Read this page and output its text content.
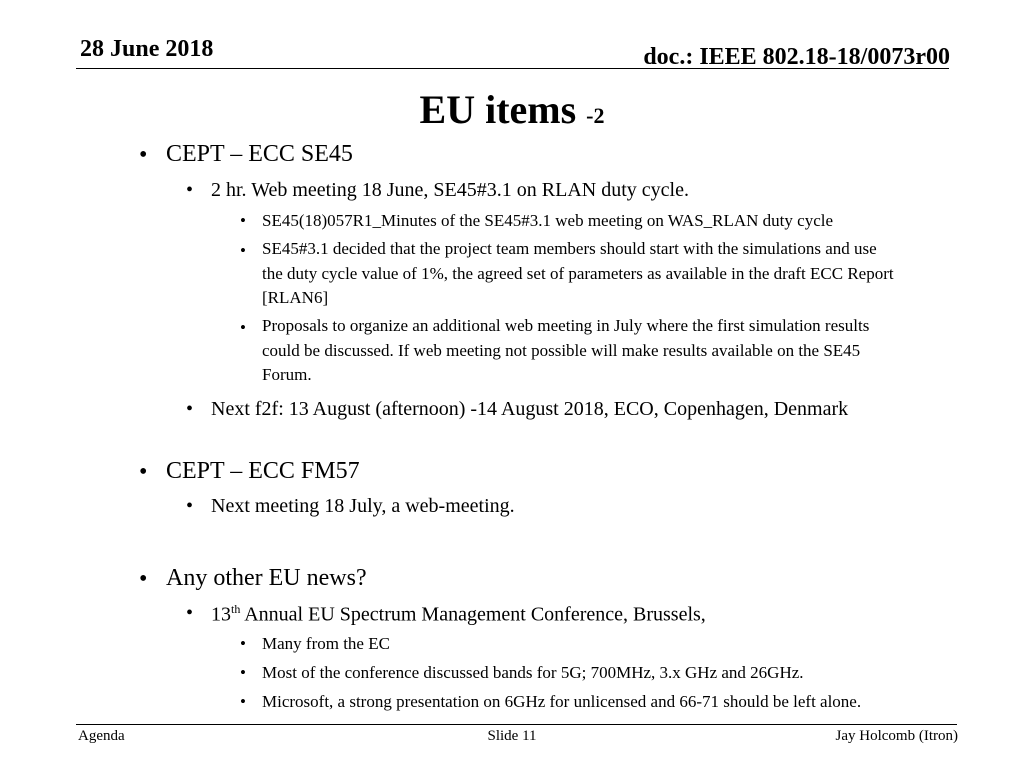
28 June 2018	doc.: IEEE 802.18-18/0073r00
EU items -2
• CEPT – ECC SE45
• 2 hr. Web meeting 18 June, SE45#3.1 on RLAN duty cycle.
• SE45(18)057R1_Minutes of the SE45#3.1 web meeting on WAS_RLAN duty cycle
• SE45#3.1 decided that the project team members should start with the simulations and use
the duty cycle value of 1%, the agreed set of parameters as available in the draft ECC Report
[RLAN6]
• Proposals to organize an additional web meeting in July where the first simulation results
could be discussed. If web meeting not possible will make results available on the SE45
Forum.
• Next f2f: 13 August (afternoon) -14 August 2018, ECO, Copenhagen, Denmark
• CEPT – ECC FM57
• Next meeting 18 July, a web-meeting.
• Any other EU news?
• 13th Annual EU Spectrum Management Conference, Brussels,
• Many from the EC
• Most of the conference discussed bands for 5G; 700MHz, 3.x GHz and 26GHz.
• Microsoft, a strong presentation on 6GHz for unlicensed and 66-71 should be left alone.
Agenda	Slide 11	Jay Holcomb (Itron)
